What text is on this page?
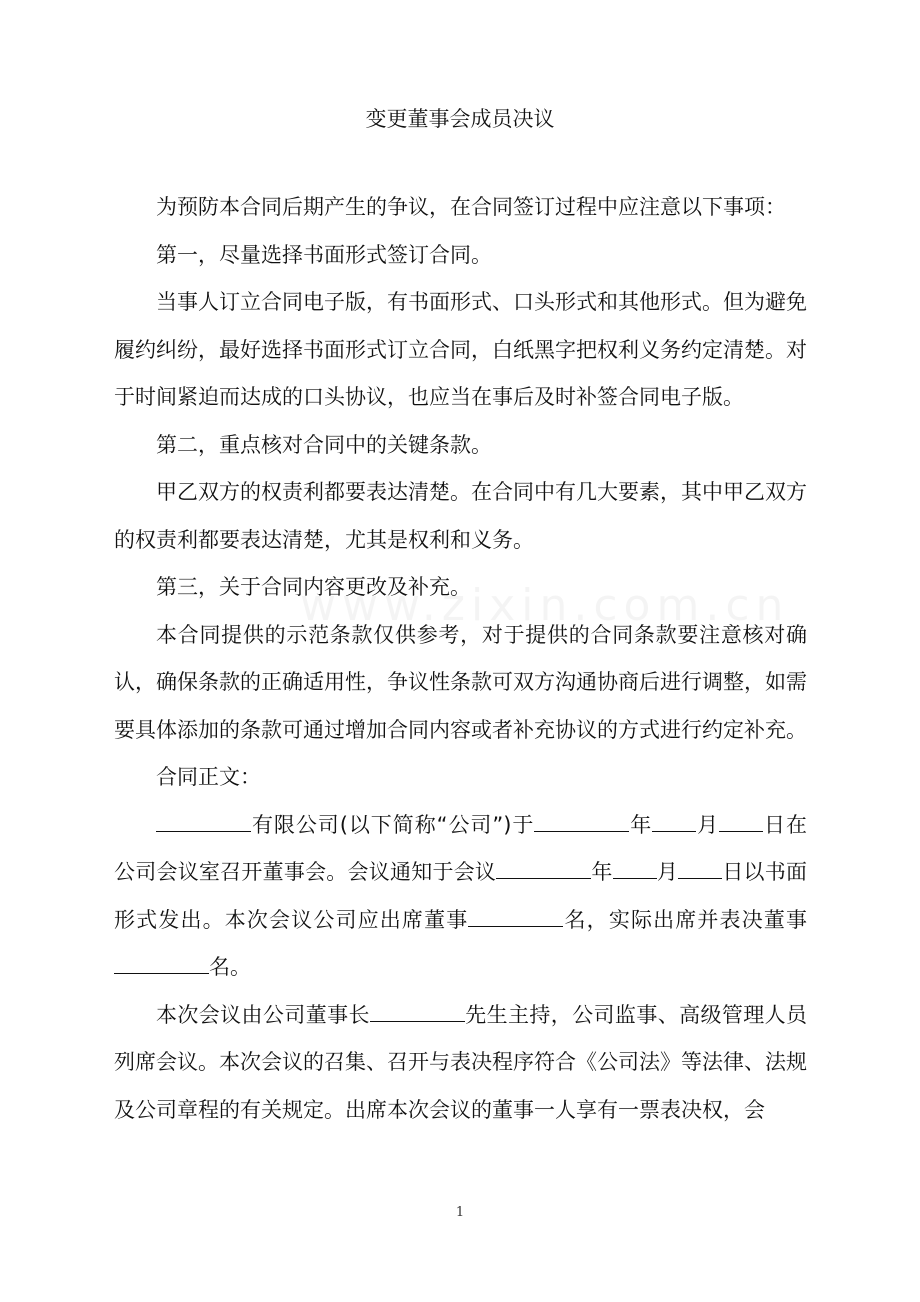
变更董事会成员决议

为预防本合同后期产生的争议，在合同签订过程中应注意以下事项：

第一，尽量选择书面形式签订合同。

当事人订立合同电子版，有书面形式、口头形式和其他形式。但为避免履约纠纷，最好选择书面形式订立合同，白纸黑字把权利义务约定清楚。对于时间紧迫而达成的口头协议，也应当在事后及时补签合同电子版。

第二，重点核对合同中的关键条款。

甲乙双方的权责利都要表达清楚。在合同中有几大要素，其中甲乙双方的权责利都要表达清楚，尤其是权利和义务。

第三，关于合同内容更改及补充。

本合同提供的示范条款仅供参考，对于提供的合同条款要注意核对确认，确保条款的正确适用性，争议性条款可双方沟通协商后进行调整，如需要具体添加的条款可通过增加合同内容或者补充协议的方式进行约定补充。

合同正文：

有限公司(以下简称“公司”)于	年 月 日在公司会议室召开董事会。会议通知于会议	年 月 日以书面形式发出。本次会议公司应出席董事	名，实际出席并表决董事名。

本次会议由公司董事长	先生主持，公司监事、高级管理人员列席会议。本次会议的召集、召开与表决程序符合《公司法》等法律、法规及公司章程的有关规定。出席本次会议的董事一人享有一票表决权，会

1
